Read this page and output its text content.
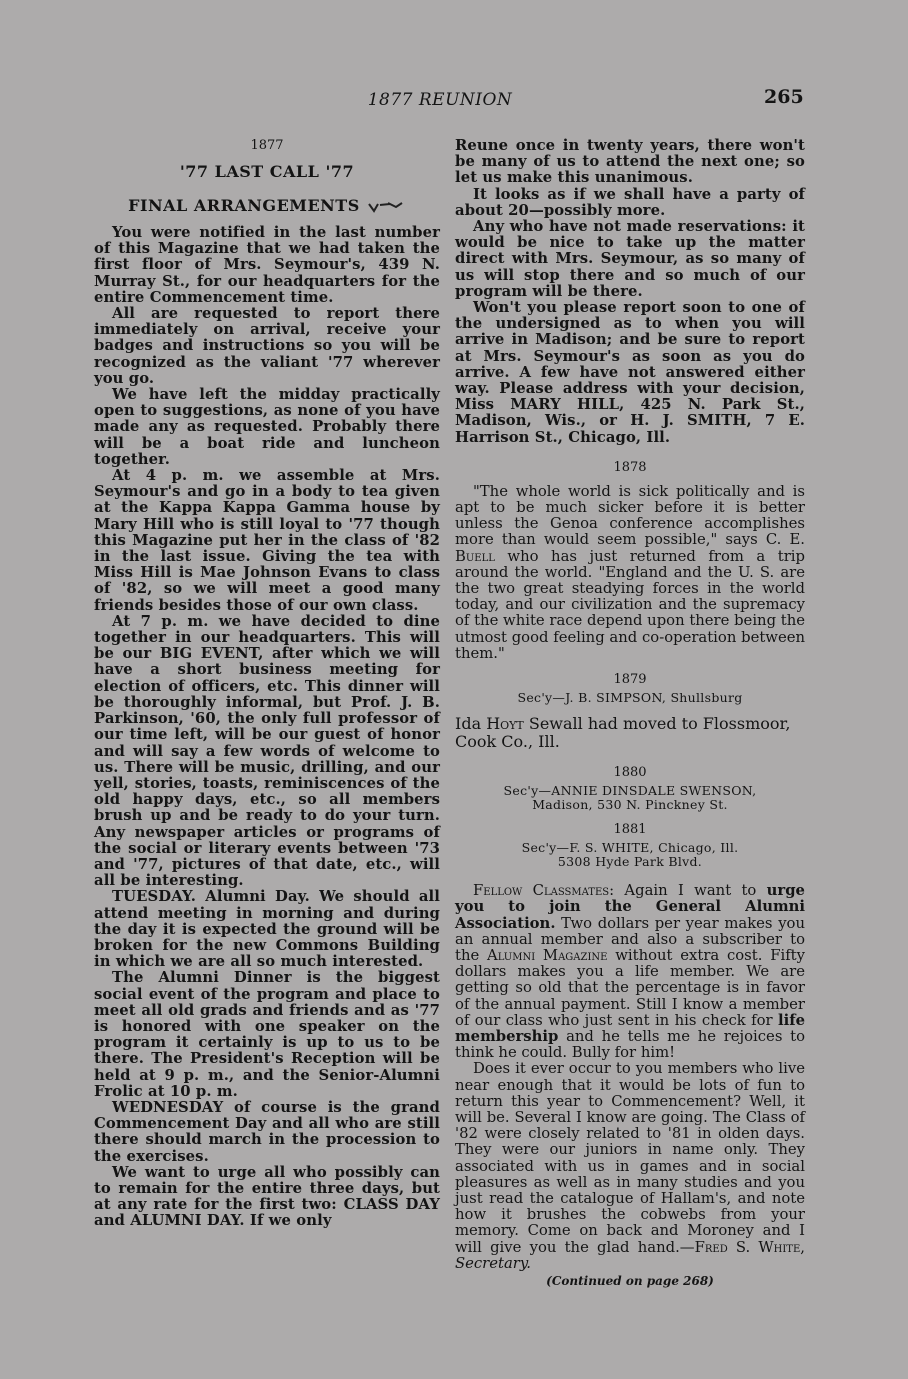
1877 REUNION	265
1877
'77 LAST CALL '77
FINAL ARRANGEMENTS

You were notified in the last number of this Magazine that we had taken the first floor of Mrs. Seymour's, 439 N. Murray St., for our headquarters for the entire Commencement time.

All are requested to report there immediately on arrival, receive your badges and instructions so you will be recognized as the valiant '77 wherever you go.

We have left the midday practically open to suggestions, as none of you have made any as requested. Probably there will be a boat ride and luncheon together.

At 4 p. m. we assemble at Mrs. Seymour's and go in a body to tea given at the Kappa Kappa Gamma house by Mary Hill who is still loyal to '77 though this Magazine put her in the class of '82 in the last issue. Giving the tea with Miss Hill is Mae Johnson Evans to class of '82, so we will meet a good many friends besides those of our own class.

At 7 p. m. we have decided to dine together in our headquarters. This will be our BIG EVENT, after which we will have a short business meeting for election of officers, etc. This dinner will be thoroughly informal, but Prof. J. B. Parkinson, '60, the only full professor of our time left, will be our guest of honor and will say a few words of welcome to us. There will be music, drilling, and our yell, stories, toasts, reminiscences of the old happy days, etc., so all members brush up and be ready to do your turn. Any newspaper articles or programs of the social or literary events between '73 and '77, pictures of that date, etc., will all be interesting.

TUESDAY. Alumni Day. We should all attend meeting in morning and during the day it is expected the ground will be broken for the new Commons Building in which we are all so much interested.

The Alumni Dinner is the biggest social event of the program and place to meet all old grads and friends and as '77 is honored with one speaker on the program it certainly is up to us to be there. The President's Reception will be held at 9 p. m., and the Senior-Alumni Frolic at 10 p. m.

WEDNESDAY of course is the grand Commencement Day and all who are still there should march in the procession to the exercises.

We want to urge all who possibly can to remain for the entire three days, but at any rate for the first two: CLASS DAY and ALUMNI DAY. If we only

Reune once in twenty years, there won't be many of us to attend the next one; so let us make this unanimous.

It looks as if we shall have a party of about 20—possibly more.

Any who have not made reservations: it would be nice to take up the matter direct with Mrs. Seymour, as so many of us will stop there and so much of our program will be there.

Won't you please report soon to one of the undersigned as to when you will arrive in Madison; and be sure to report at Mrs. Seymour's as soon as you do arrive. A few have not answered either way. Please address with your decision, Miss MARY HILL, 425 N. Park St., Madison, Wis., or H. J. SMITH, 7 E. Harrison St., Chicago, Ill.

1878

"The whole world is sick politically and is apt to be much sicker before it is better unless the Genoa conference accomplishes more than would seem possible," says C. E. Buell who has just returned from a trip around the world. "England and the U. S. are the two great steadying forces in the world today, and our civilization and the supremacy of the white race depend upon there being the utmost good feeling and co-operation between them."

1879

Sec'y—J. B. SIMPSON, Shullsburg

Ida Hoyt Sewall had moved to Flossmoor, Cook Co., Ill.

1880

Sec'y—ANNIE DINSDALE SWENSON,

Madison, 530 N. Pinckney St.

1881

Sec'y—F. S. WHITE, Chicago, Ill.

5308 Hyde Park Blvd.

Fellow Classmates: Again I want to urge you to join the General Alumni Association. Two dollars per year makes you an annual member and also a subscriber to the Alumni Magazine without extra cost. Fifty dollars makes you a life member. We are getting so old that the percentage is in favor of the annual payment. Still I know a member of our class who just sent in his check for life membership and he tells me he rejoices to think he could. Bully for him!

Does it ever occur to you members who live near enough that it would be lots of fun to return this year to Commencement? Well, it will be. Several I know are going. The Class of '82 were closely related to '81 in olden days. They were our juniors in name only. They associated with us in games and in social pleasures as well as in many studies and you just read the catalogue of Hallam's, and note how it brushes the cobwebs from your memory. Come on back and Moroney and I will give you the glad hand.—Fred S. White, Secretary.

(Continued on page 268)
